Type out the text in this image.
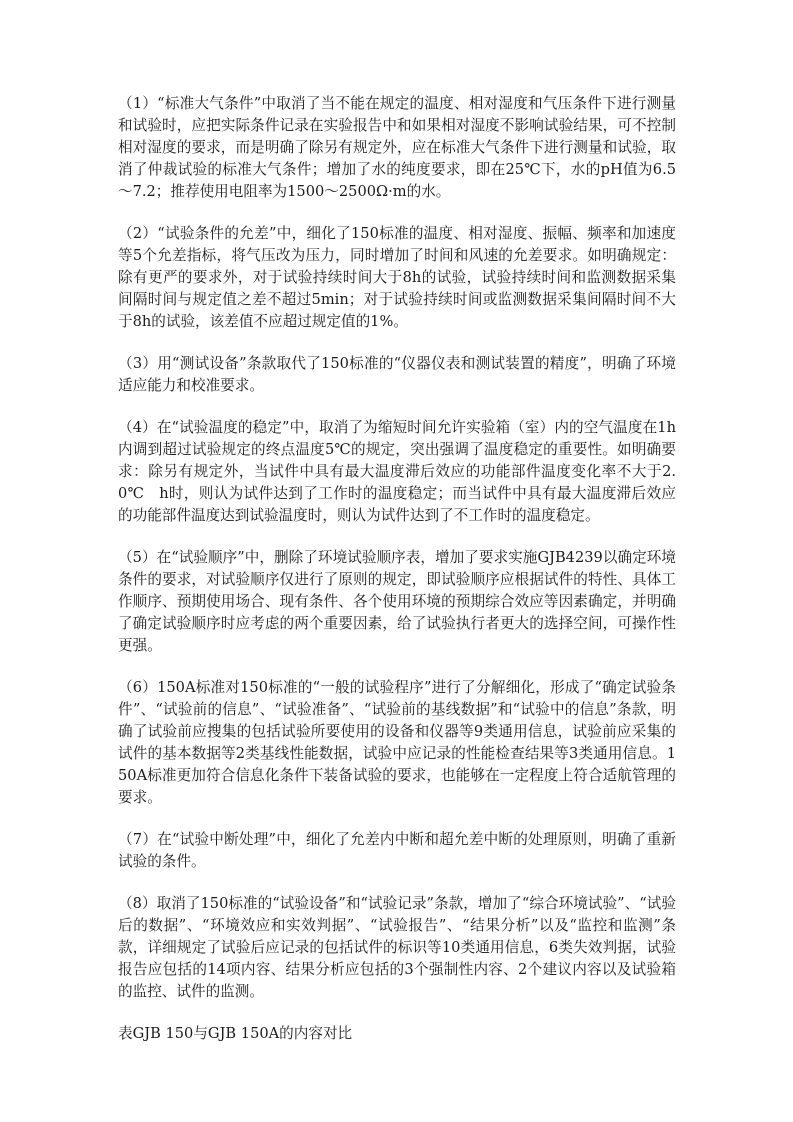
（1）“标准大气条件”中取消了当不能在规定的温度、相对湿度和气压条件下进行测量和试验时，应把实际条件记录在实验报告中和如果相对湿度不影响试验结果，可不控制相对湿度的要求，而是明确了除另有规定外，应在标准大气条件下进行测量和试验，取消了仲裁试验的标准大气条件；增加了水的纯度要求，即在25℃下，水的pH值为6.5～7.2；推荐使用电阻率为1500～2500Ω·m的水。

（2）“试验条件的允差”中，细化了150标准的温度、相对湿度、振幅、频率和加速度等5个允差指标，将气压改为压力，同时增加了时间和风速的允差要求。如明确规定：除有更严的要求外，对于试验持续时间大于8h的试验，试验持续时间和监测数据采集间隔时间与规定值之差不超过5min；对于试验持续时间或监测数据采集间隔时间不大于8h的试验，该差值不应超过规定值的1%。

（3）用“测试设备”条款取代了150标准的“仪器仪表和测试装置的精度”，明确了环境适应能力和校准要求。

（4）在“试验温度的稳定”中，取消了为缩短时间允许实验箱（室）内的空气温度在1h内调到超过试验规定的终点温度5℃的规定，突出强调了温度稳定的重要性。如明确要求：除另有规定外，当试件中具有最大温度滞后效应的功能部件温度变化率不大于2.0℃　h时，则认为试件达到了工作时的温度稳定；而当试件中具有最大温度滞后效应的功能部件温度达到试验温度时，则认为试件达到了不工作时的温度稳定。

（5）在“试验顺序”中，删除了环境试验顺序表，增加了要求实施GJB4239以确定环境条件的要求，对试验顺序仅进行了原则的规定，即试验顺序应根据试件的特性、具体工作顺序、预期使用场合、现有条件、各个使用环境的预期综合效应等因素确定，并明确了确定试验顺序时应考虑的两个重要因素，给了试验执行者更大的选择空间，可操作性更强。

（6）150A标准对150标准的“一般的试验程序”进行了分解细化，形成了“确定试验条件”、“试验前的信息”、“试验准备”、“试验前的基线数据”和“试验中的信息”条款，明确了试验前应搜集的包括试验所要使用的设备和仪器等9类通用信息，试验前应采集的试件的基本数据等2类基线性能数据，试验中应记录的性能检查结果等3类通用信息。150A标准更加符合信息化条件下装备试验的要求，也能够在一定程度上符合适航管理的要求。

（7）在“试验中断处理”中，细化了允差内中断和超允差中断的处理原则，明确了重新试验的条件。

（8）取消了150标准的“试验设备”和“试验记录”条款，增加了“综合环境试验”、“试验后的数据”、“环境效应和实效判据”、“试验报告”、“结果分析”以及“监控和监测”条款，详细规定了试验后应记录的包括试件的标识等10类通用信息，6类失效判据，试验报告应包括的14项内容、结果分析应包括的3个强制性内容、2个建议内容以及试验箱的监控、试件的监测。

表GJB 150与GJB 150A的内容对比
